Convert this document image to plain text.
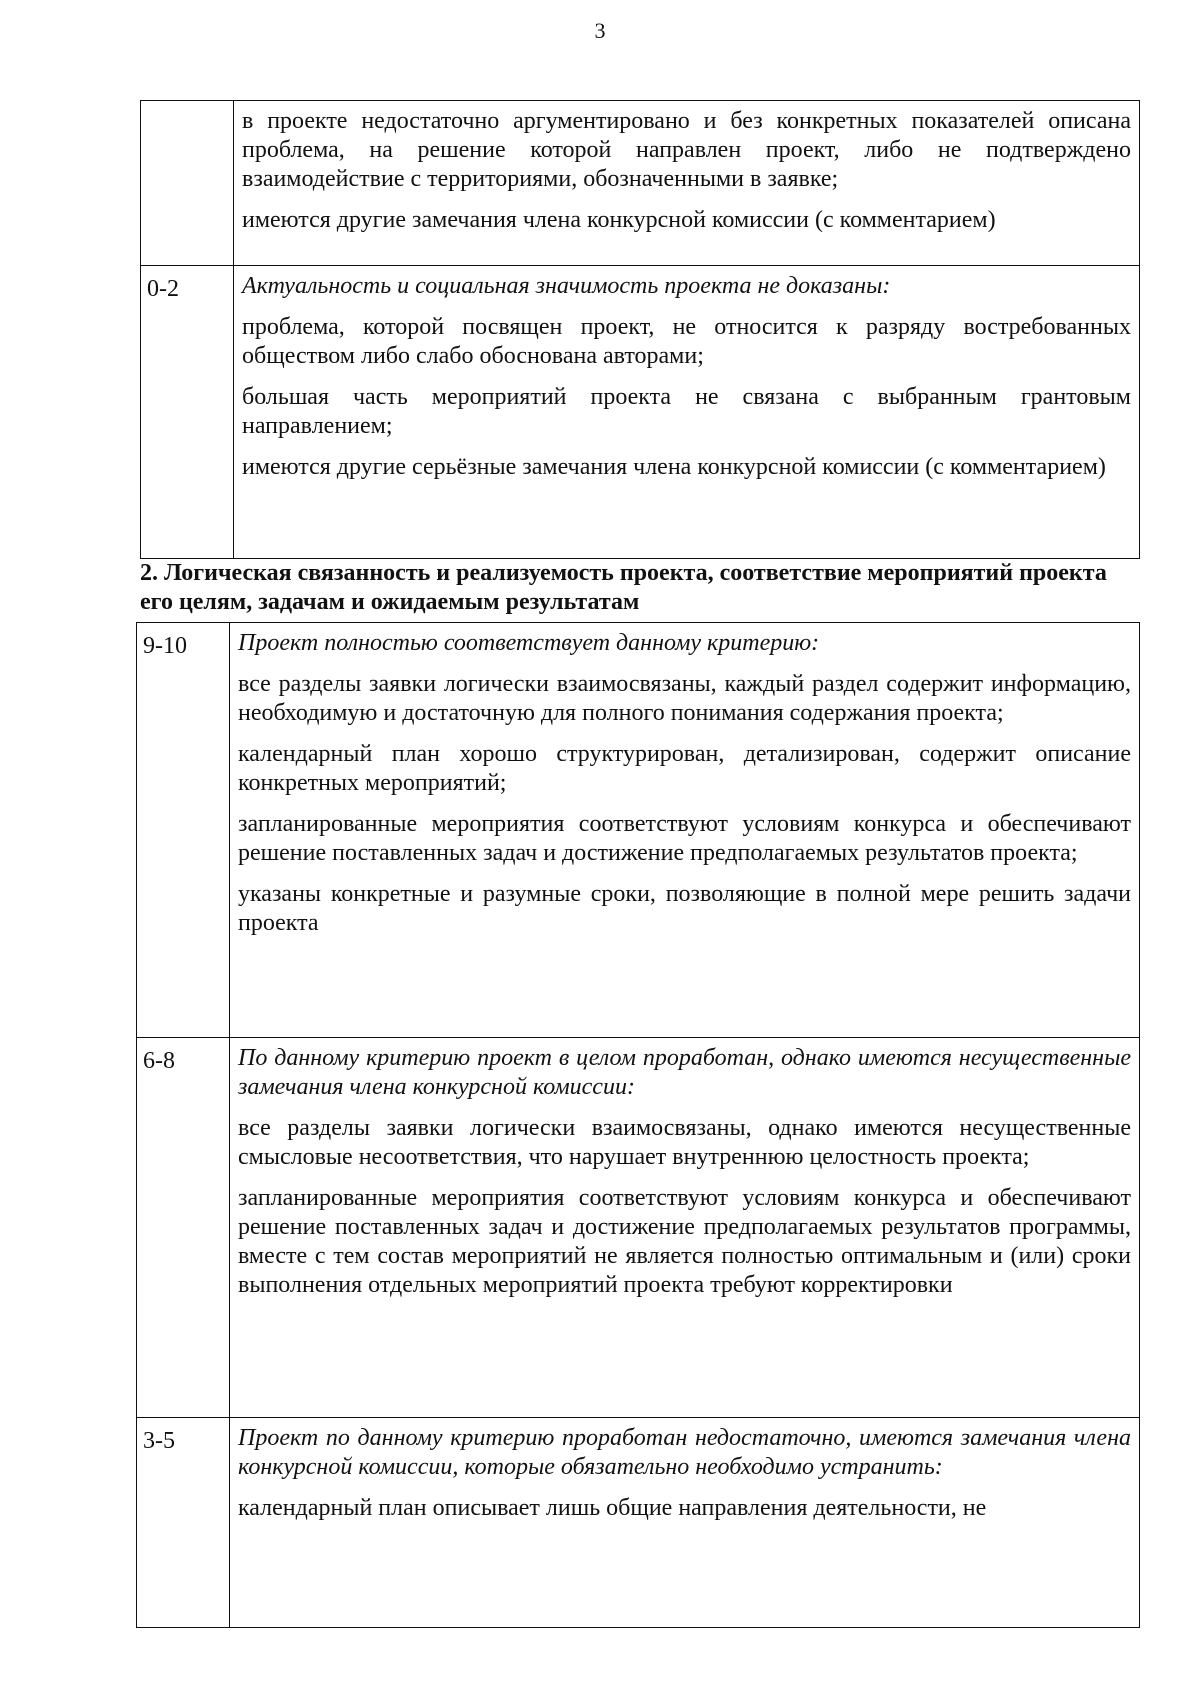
3

	в проекте недостаточно аргументировано и без конкретных показателей описана проблема, на решение которой направлен проект, либо не подтверждено взаимодействие с территориями, обозначенными в заявке;

имеются другие замечания члена конкурсной комиссии (с комментарием)

0-2	Актуальность и социальная значимость проекта не доказаны:

проблема, которой посвящен проект, не относится к разряду востребованных обществом либо слабо обоснована авторами;

большая часть мероприятий проекта не связана с выбранным грантовым направлением;

имеются другие серьёзные замечания члена конкурсной комиссии (с комментарием)

2. Логическая связанность и реализуемость проекта, соответствие мероприятий проекта его целям, задачам и ожидаемым результатам

9-10	Проект полностью соответствует данному критерию:

все разделы заявки логически взаимосвязаны, каждый раздел содержит информацию, необходимую и достаточную для полного понимания содержания проекта;

календарный план хорошо структурирован, детализирован, содержит описание конкретных мероприятий;

запланированные мероприятия соответствуют условиям конкурса и обеспечивают решение поставленных задач и достижение предполагаемых результатов проекта;

указаны конкретные и разумные сроки, позволяющие в полной мере решить задачи проекта

6-8	По данному критерию проект в целом проработан, однако имеются несущественные замечания члена конкурсной комиссии:

все разделы заявки логически взаимосвязаны, однако имеются несущественные смысловые несоответствия, что нарушает внутреннюю целостность проекта;

запланированные мероприятия соответствуют условиям конкурса и обеспечивают решение поставленных задач и достижение предполагаемых результатов программы, вместе с тем состав мероприятий не является полностью оптимальным и (или) сроки выполнения отдельных мероприятий проекта требуют корректировки

3-5	Проект по данному критерию проработан недостаточно, имеются замечания члена конкурсной комиссии, которые обязательно необходимо устранить:

календарный план описывает лишь общие направления деятельности, не
